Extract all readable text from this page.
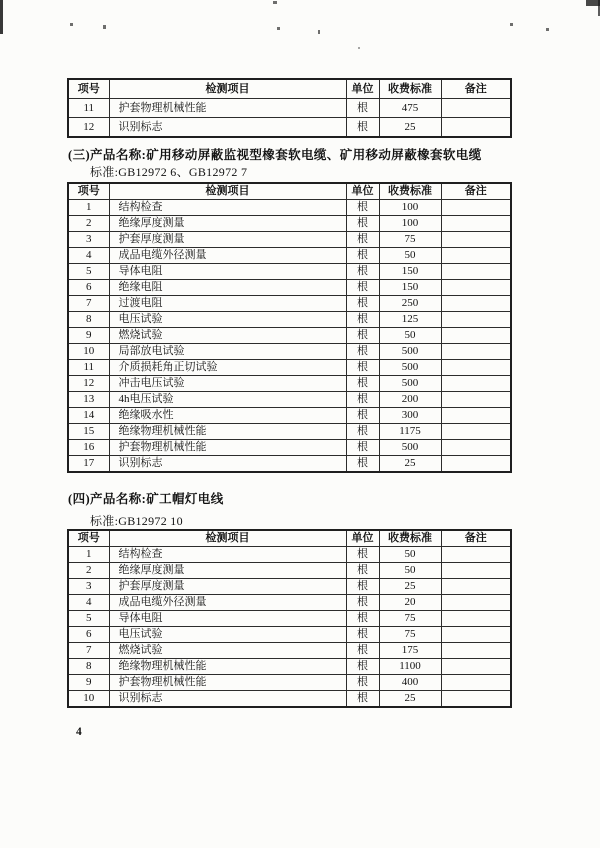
项号	检测项目	单位	收费标准	备注
11	护套物理机械性能	根	475	
12	识别标志	根	25	
(三)产品名称:矿用移动屏蔽监视型橡套软电缆、矿用移动屏蔽橡套软电缆
标准:GB12972 6、GB12972 7
项号	检测项目	单位	收费标准	备注
1	结构检查	根	100	
2	绝缘厚度测量	根	100	
3	护套厚度测量	根	75	
4	成品电缆外径测量	根	50	
5	导体电阻	根	150	
6	绝缘电阻	根	150	
7	过渡电阻	根	250	
8	电压试验	根	125	
9	燃烧试验	根	50	
10	局部放电试验	根	500	
11	介质损耗角正切试验	根	500	
12	冲击电压试验	根	500	
13	4h电压试验	根	200	
14	绝缘吸水性	根	300	
15	绝缘物理机械性能	根	1175	
16	护套物理机械性能	根	500	
17	识别标志	根	25	
(四)产品名称:矿工帽灯电线
标准:GB12972 10
项号	检测项目	单位	收费标准	备注
1	结构检查	根	50	
2	绝缘厚度测量	根	50	
3	护套厚度测量	根	25	
4	成品电缆外径测量	根	20	
5	导体电阻	根	75	
6	电压试验	根	75	
7	燃烧试验	根	175	
8	绝缘物理机械性能	根	1100	
9	护套物理机械性能	根	400	
10	识别标志	根	25	
4
